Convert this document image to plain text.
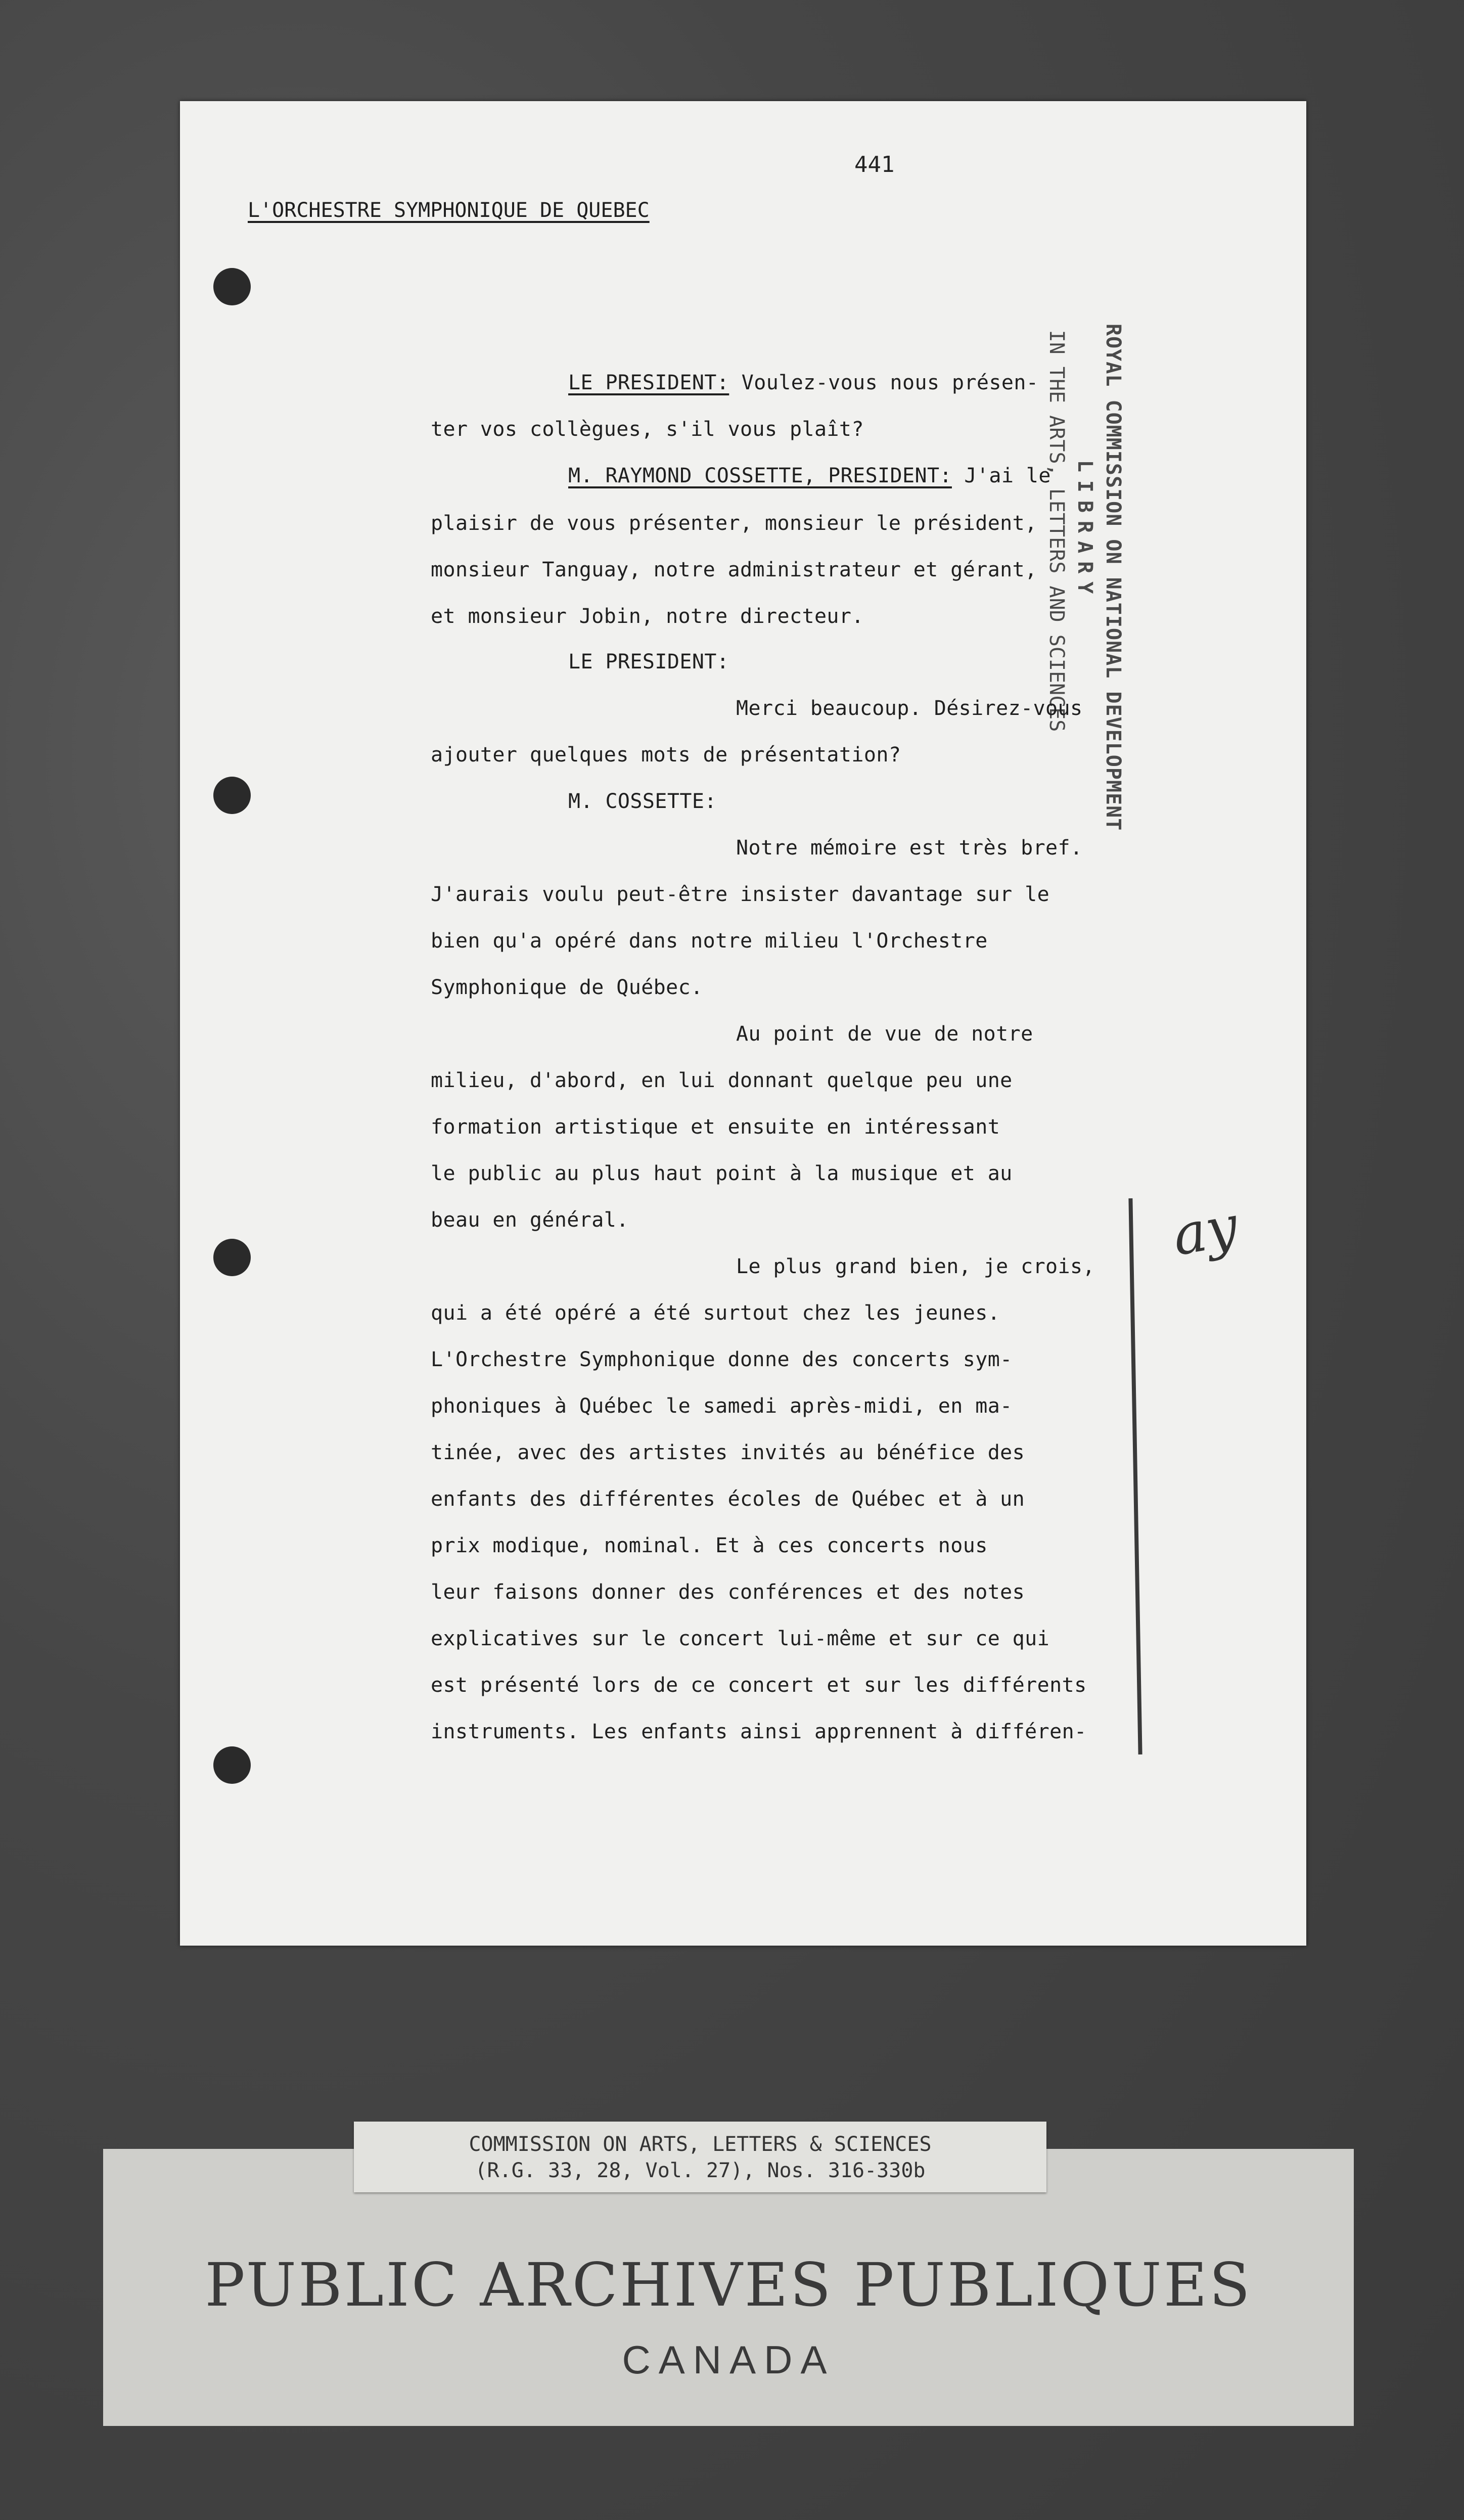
ROYAL COMMISSION ON NATIONAL DEVELOPMENT
LIBRARY
IN THE ARTS, LETTERS AND SCIENCES
441
L'ORCHESTRE SYMPHONIQUE DE QUEBEC
LE PRESIDENT: Voulez-vous nous présen-
ter vos collègues, s'il vous plaît?
M. RAYMOND COSSETTE, PRESIDENT: J'ai le
plaisir de vous présenter, monsieur le président,
monsieur Tanguay, notre administrateur et gérant,
et monsieur Jobin, notre directeur.
LE PRESIDENT:
Merci beaucoup. Désirez-vous
ajouter quelques mots de présentation?
M. COSSETTE:
Notre mémoire est très bref.
J'aurais voulu peut-être insister davantage sur le
bien qu'a opéré dans notre milieu l'Orchestre
Symphonique de Québec.
Au point de vue de notre
milieu, d'abord, en lui donnant quelque peu une
formation artistique et ensuite en intéressant
le public au plus haut point à la musique et au
beau en général.
Le plus grand bien, je crois,
qui a été opéré a été surtout chez les jeunes.
L'Orchestre Symphonique donne des concerts sym-
phoniques à Québec le samedi après-midi, en ma-
tinée, avec des artistes invités au bénéfice des
enfants des différentes écoles de Québec et à un
prix modique, nominal. Et à ces concerts nous
leur faisons donner des conférences et des notes
explicatives sur le concert lui-même et sur ce qui
est présenté lors de ce concert et sur les différents
instruments. Les enfants ainsi apprennent à différen-
ay
PUBLIC ARCHIVES PUBLIQUES
CANADA
COMMISSION ON ARTS, LETTERS & SCIENCES
(R.G. 33, 28, Vol. 27), Nos. 316-330b
